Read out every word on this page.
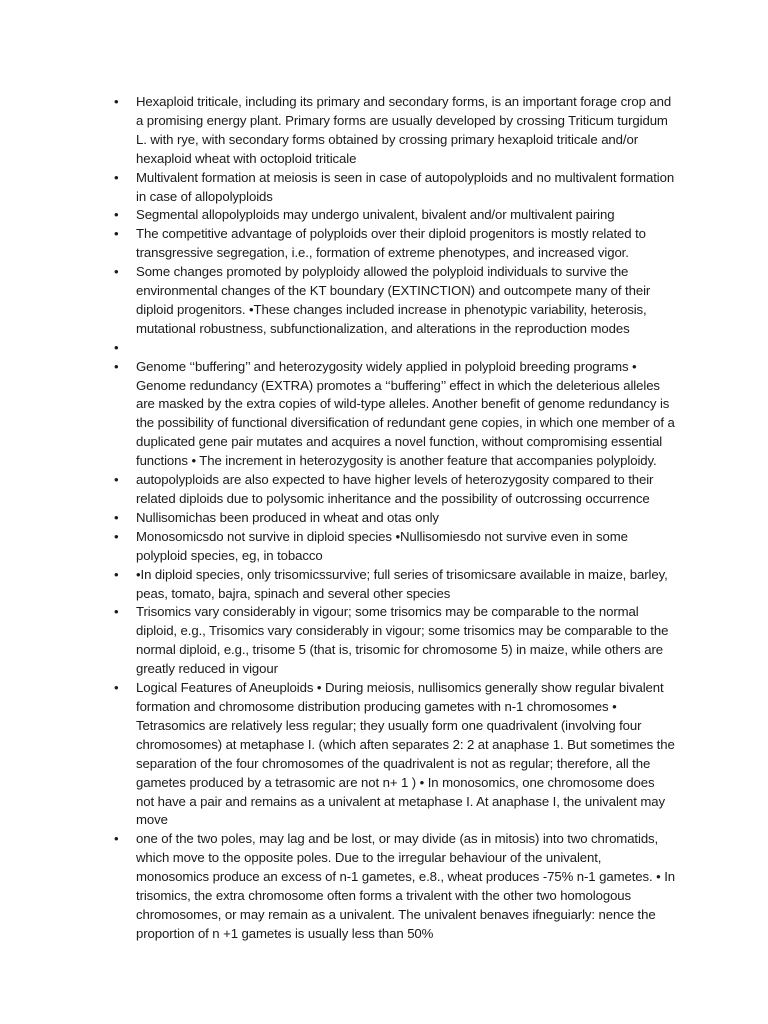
• Hexaploid triticale, including its primary and secondary forms, is an important forage crop and a promising energy plant. Primary forms are usually developed by crossing Triticum turgidum L. with rye, with secondary forms obtained by crossing primary hexaploid triticale and/or hexaploid wheat with octoploid triticale
• Multivalent formation at meiosis is seen in case of autopolyploids and no multivalent formation in case of allopolyploids
• Segmental allopolyploids may undergo univalent, bivalent and/or multivalent pairing
• The competitive advantage of polyploids over their diploid progenitors is mostly related to transgressive segregation, i.e., formation of extreme phenotypes, and increased vigor.
• Some changes promoted by polyploidy allowed the polyploid individuals to survive the environmental changes of the KT boundary (EXTINCTION) and outcompete many of their diploid progenitors. •These changes included increase in phenotypic variability, heterosis, mutational robustness, subfunctionalization, and alterations in the reproduction modes
•
• Genome ‘‘buffering’’ and heterozygosity widely applied in polyploid breeding programs • Genome redundancy (EXTRA) promotes a ‘‘buffering’’ effect in which the deleterious alleles are masked by the extra copies of wild-type alleles. Another benefit of genome redundancy is the possibility of functional diversification of redundant gene copies, in which one member of a duplicated gene pair mutates and acquires a novel function, without compromising essential functions • The increment in heterozygosity is another feature that accompanies polyploidy.
• autopolyploids are also expected to have higher levels of heterozygosity compared to their related diploids due to polysomic inheritance and the possibility of outcrossing occurrence
• Nullisomichas been produced in wheat and otas only
• Monosomicsdo not survive in diploid species •Nullisomiesdo not survive even in some polyploid species, eg, in tobacco
• •In diploid species, only trisomicssurvive; full series of trisomicsare available in maize, barley, peas, tomato, bajra, spinach and several other species
• Trisomics vary considerably in vigour; some trisomics may be comparable to the normal diploid, e.g., Trisomics vary considerably in vigour; some trisomics may be comparable to the normal diploid, e.g., trisome 5 (that is, trisomic for chromosome 5) in maize, while others are greatly reduced in vigour
• Logical Features of Aneuploids • During meiosis, nullisomics generally show regular bivalent formation and chromosome distribution producing gametes with n-1 chromosomes • Tetrasomics are relatively less regular; they usually form one quadrivalent (involving four chromosomes) at metaphase I. (which aften separates 2: 2 at anaphase 1. But sometimes the separation of the four chromosomes of the quadrivalent is not as regular; therefore, all the gametes produced by a tetrasomic are not n+ 1 ) • In monosomics, one chromosome does not have a pair and remains as a univalent at metaphase I. At anaphase I, the univalent may move
• one of the two poles, may lag and be lost, or may divide (as in mitosis) into two chromatids, which move to the opposite poles. Due to the irregular behaviour of the univalent, monosomics produce an excess of n-1 gametes, e.8., wheat produces -75% n-1 gametes. • In trisomics, the extra chromosome often forms a trivalent with the other two homologous chromosomes, or may remain as a univalent. The univalent benaves ifneguiarly: nence the proportion of n +1 gametes is usually less than 50%
